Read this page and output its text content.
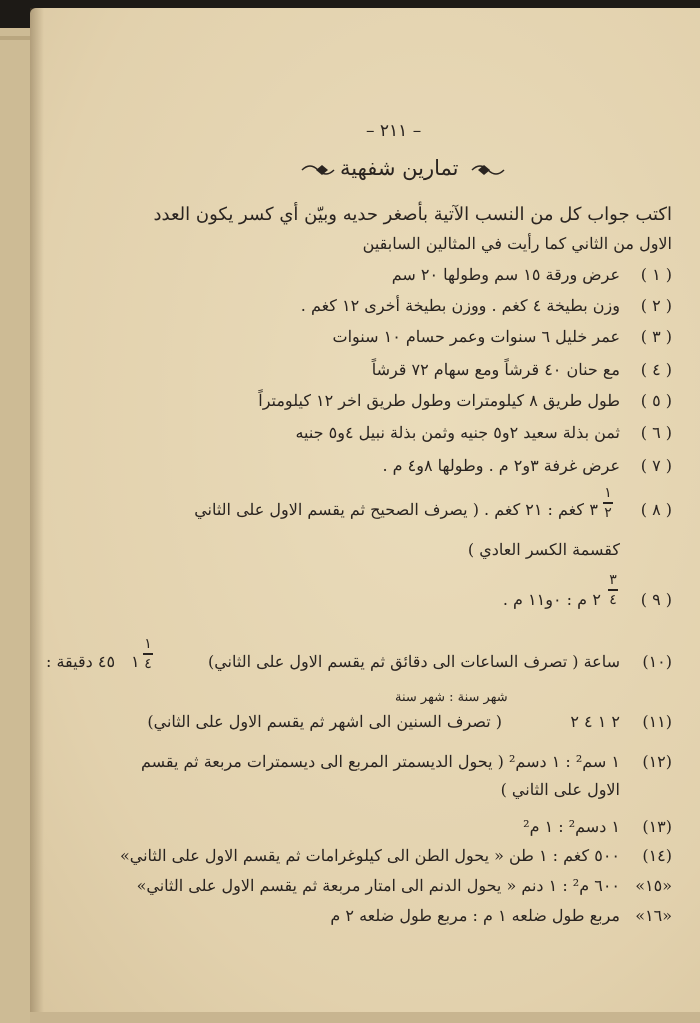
– ٢١١ –
تمارين شفهية
اكتب جواب كل من النسب الآتية بأصغر حديه وبيّن أي كسر يكون العدد
الاول من الثاني كما رأيت في المثالين السابقين
( ١ )
عرض ورقة ١٥ سم وطولها ٢٠ سم
( ٢ )
وزن بطيخة ٤ كغم . ووزن بطيخة أخرى ١٢ كغم .
( ٣ )
عمر خليل ٦ سنوات وعمر حسام ١٠ سنوات
( ٤ )
مع حنان ٤٠ قرشاً ومع سهام ٧٢ قرشاً
( ٥ )
طول طريق ٨ كيلومترات وطول طريق اخر ١٢ كيلومتراً
( ٦ )
ثمن بذلة سعيد ٢و٥ جنيه وثمن بذلة نبيل ٤و٥ جنيه
( ٧ )
عرض غرفة ٣و٢ م . وطولها ٨و٤ م .
( ٨ )
١
٢
٣
كغم : ٢١ كغم . ( يصرف الصحيح ثم يقسم الاول على الثاني
كقسمة الكسر العادي )
( ٩ )
٣
٤
٢
م : ٠و١١ م .
(١٠)
ساعة ( تصرف الساعات الى دقائق ثم يقسم الاول على الثاني)
١
٤
١
٤٥ دقيقة :
شهر سنة : شهر سنة
(١١)
٢ ١ ٤ ٢
( تصرف السنين الى اشهر ثم يقسم الاول على الثاني)
(١٢)
١ سم² : ١ دسم² ( يحول الديسمتر المربع الى ديسمترات مربعة ثم يقسم
الاول على الثاني )
(١٣)
١ دسم² : ١ م²
(١٤)
٥٠٠ كغم : ١ طن « يحول الطن الى كيلوغرامات ثم يقسم الاول على الثاني»
«١٥»
٦٠٠ م² : ١ دنم « يحول الدنم الى امتار مربعة ثم يقسم الاول على الثاني»
«١٦»
مربع طول ضلعه ١ م : مربع طول ضلعه ٢ م
